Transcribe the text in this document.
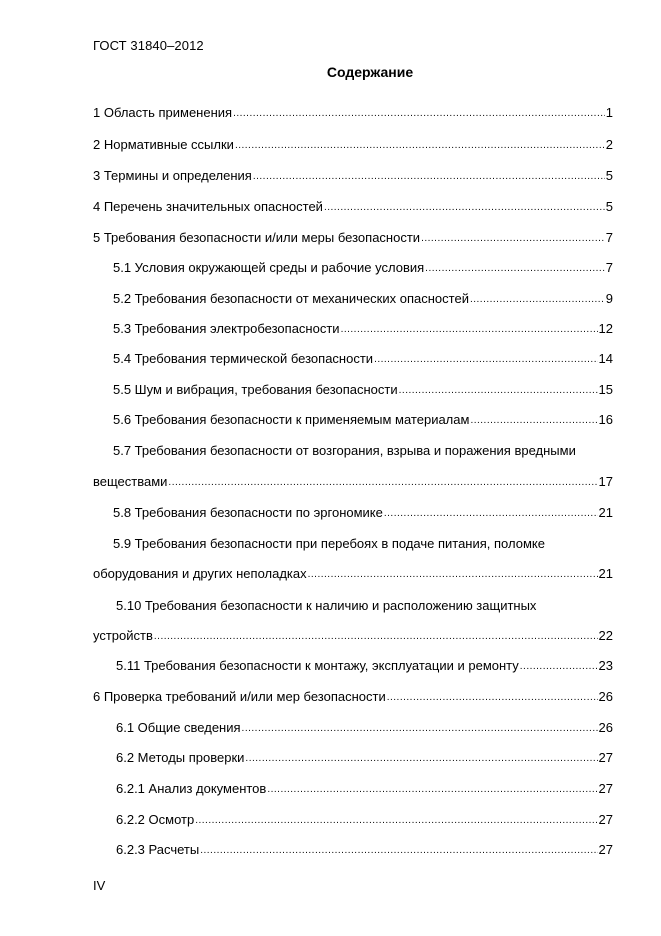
ГОСТ 31840–2012
Содержание
1 Область применения .....	1
2 Нормативные ссылки .....	2
3 Термины и определения .....	5
4 Перечень значительных опасностей .....	5
5 Требования безопасности и/или меры безопасности .....	7
5.1 Условия окружающей среды и рабочие условия .....	7
5.2 Требования безопасности от механических опасностей .....	9
5.3 Требования электробезопасности .....	12
5.4 Требования термической безопасности .....	14
5.5 Шум и вибрация, требования безопасности .....	15
5.6 Требования безопасности к применяемым материалам .....	16
5.7 Требования безопасности от возгорания, взрыва и поражения вредными
веществами .....	17
5.8 Требования безопасности по эргономике .....	21
5.9 Требования безопасности при перебоях в подаче питания, поломке
оборудования и других неполадках .....	21
5.10 Требования безопасности к наличию и расположению защитных
устройств .....	22
5.11 Требования безопасности к монтажу, эксплуатации и ремонту .....	23
6 Проверка требований и/или мер безопасности .....	26
6.1 Общие сведения .....	26
6.2 Методы проверки .....	27
6.2.1 Анализ документов .....	27
6.2.2 Осмотр .....	27
6.2.3 Расчеты .....	27
IV
